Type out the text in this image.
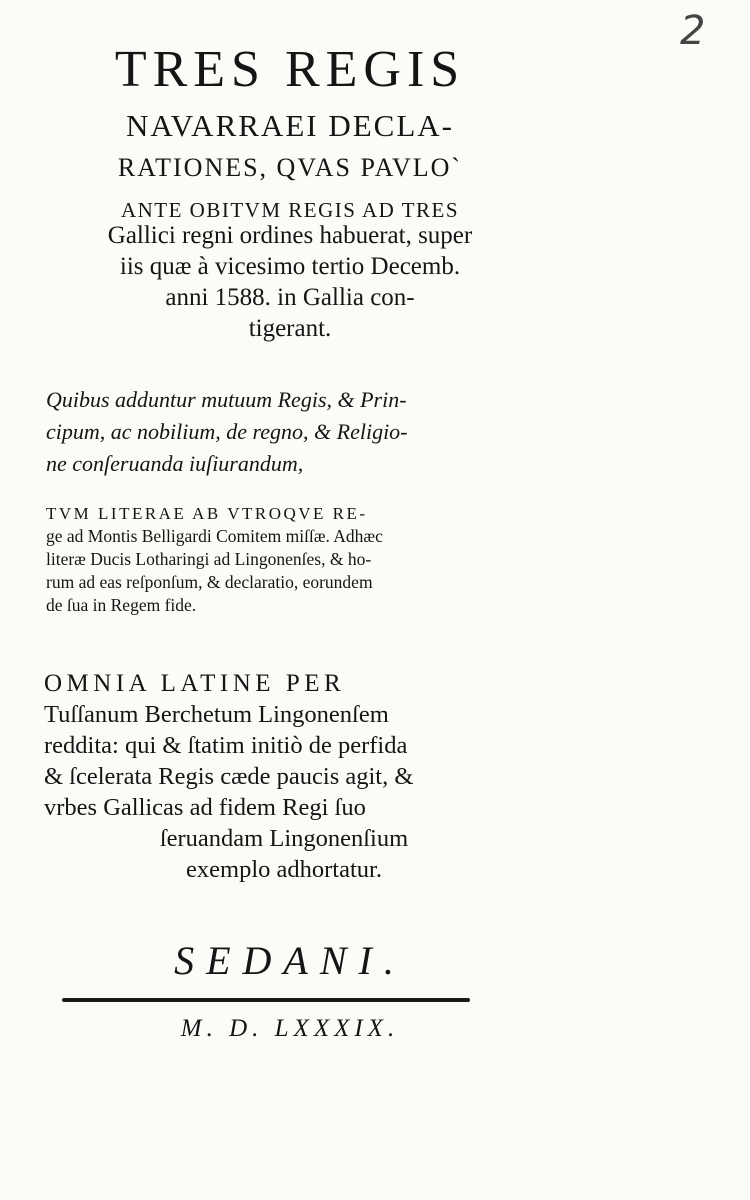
2
TRES REGIS
NAVARRAEI DECLA-
RATIONES, QVAS PAVLO`
ANTE OBITVM REGIS AD TRES
Gallici regni ordines habuerat, super
iis quæ à vicesimo tertio Decemb.
anni 1588. in Gallia con-
tigerant.
Quibus adduntur mutuum Regis, & Prin-
cipum, ac nobilium, de regno, & Religio-
ne conſeruanda iuſiurandum,
TVM LITERAE AB VTROQVE RE-
ge ad Montis Belligardi Comitem miſſæ. Adhæc
literæ Ducis Lotharingi ad Lingonenſes, & ho-
rum ad eas reſponſum, & declaratio, eorundem
de ſua in Regem fide.
OMNIA LATINE PER
Tuſſanum Berchetum Lingonenſem
reddita: qui & ſtatim initiò de perfida
& ſcelerata Regis cæde paucis agit, &
vrbes Gallicas ad fidem Regi ſuo
ſeruandam Lingonenſium
exemplo adhortatur.
SEDANI.
M. D. LXXXIX.
